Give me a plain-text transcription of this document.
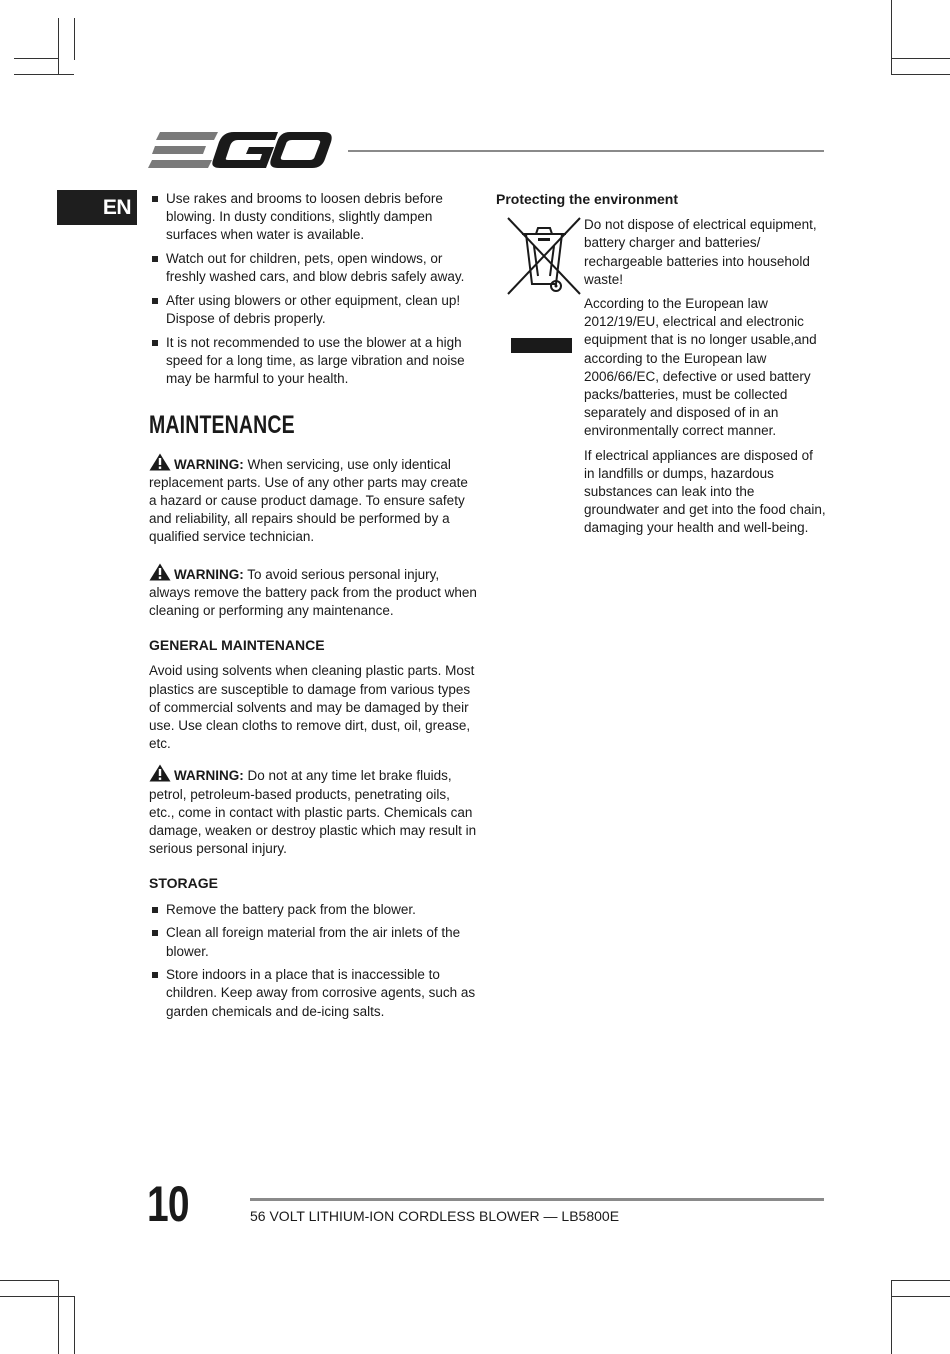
EN	Use rakes and brooms to loosen debris before blowing. In dusty conditions, slightly dampen surfaces when water is available.
Watch out for children, pets, open windows, or freshly washed cars, and blow debris safely away.
After using blowers or other equipment, clean up! Dispose of debris properly.
It is not recommended to use the blower at a high speed for a long time, as large vibration and noise may be harmful to your health.
MAINTENANCE

WARNING: When servicing, use only identical replacement parts. Use of any other parts may create a hazard or cause product damage. To ensure safety and reliability, all repairs should be performed by a qualified service technician.

WARNING: To avoid serious personal injury, always remove the battery pack from the product when cleaning or performing any maintenance.

GENERAL MAINTENANCE

Avoid using solvents when cleaning plastic parts. Most plastics are susceptible to damage from various types of commercial solvents and may be damaged by their use. Use clean cloths to remove dirt, dust, oil, grease, etc.

WARNING: Do not at any time let brake fluids, petrol, petroleum-based products, penetrating oils, etc., come in contact with plastic parts. Chemicals can damage, weaken or destroy plastic which may result in serious personal injury.

STORAGE
Remove the battery pack from the blower.
Clean all foreign material from the air inlets of the blower.
Store indoors in a place that is inaccessible to children. Keep away from corrosive agents, such as garden chemicals and de-icing salts.
Protecting the environment

Do not dispose of electrical equipment, battery charger and batteries/ rechargeable batteries into household waste!

According to the European law 2012/19/EU, electrical and electronic equipment that is no longer usable,and according to the European law 2006/66/EC, defective or used battery packs/batteries, must be collected separately and disposed of in an environmentally correct manner.

If electrical appliances are disposed of in landfills or dumps, hazardous substances can leak into the groundwater and get into the food chain, damaging your health and well-being.

10	56 VOLT LITHIUM-ION CORDLESS BLOWER — LB5800E
